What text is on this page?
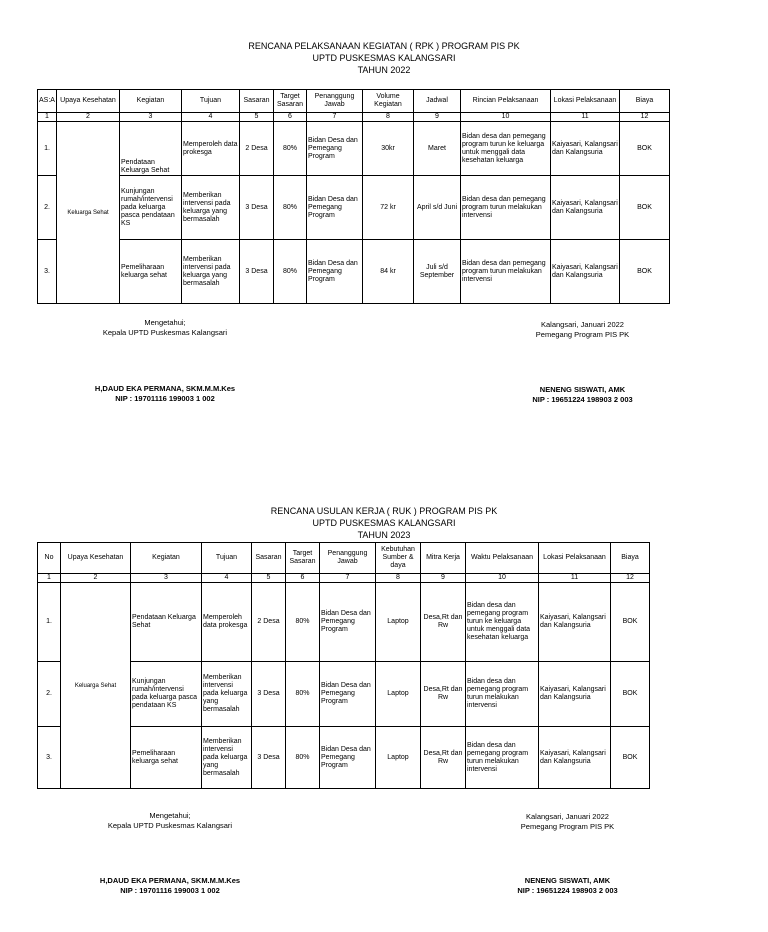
RENCANA PELAKSANAAN KEGIATAN ( RPK ) PROGRAM PIS PK
UPTD PUSKESMAS KALANGSARI
TAHUN 2022
AS:A	Upaya Kesehatan	Kegiatan	Tujuan	Sasaran	Target Sasaran	Penanggung Jawab	Volume Kegiatan	Jadwal	Rincian Pelaksanaan	Lokasi Pelaksanaan	Biaya
1	2	3	4	5	6	7	8	9	10	11	12
1.	Keluarga Sehat	Pendataan Keluarga Sehat	Memperoleh data prokesga	2 Desa	80%	Bidan Desa dan Pemegang Program	30kr	Maret	Bidan desa dan pemegang program turun ke keluarga untuk menggali data kesehatan keluarga	Kaiyasari, Kalangsari dan Kalangsuria	BOK
2.		Kunjungan rumah/intervensi pada keluarga pasca pendataan KS	Memberikan intervensi pada keluarga yang bermasalah	3 Desa	80%	Bidan Desa dan Pemegang Program	72 kr	April s/d Juni	Bidan desa dan pemegang program turun melakukan intervensi	Kaiyasari, Kalangsari dan Kalangsuria	BOK
3.		Pemeliharaan keluarga sehat	Memberikan intervensi pada keluarga yang bermasalah	3 Desa	80%	Bidan Desa dan Pemegang Program	84 kr	Juli s/d September	Bidan desa dan pemegang program turun melakukan intervensi	Kaiyasari, Kalangsari dan Kalangsuria	BOK
Mengetahui;
Kepala UPTD Puskesmas Kalangsari
H,DAUD EKA PERMANA, SKM.M.M.Kes
NIP : 19701116 199003 1 002
Kalangsari, Januari 2022
Pemegang Program PIS PK
NENENG SISWATI, AMK
NIP : 19651224 198903 2 003
RENCANA USULAN KERJA ( RUK ) PROGRAM PIS PK
UPTD PUSKESMAS KALANGSARI
TAHUN 2023
No	Upaya Kesehatan	Kegiatan	Tujuan	Sasaran	Target Sasaran	Penanggung Jawab	Kebutuhan Sumber & daya	Mitra Kerja	Waktu Pelaksanaan	Lokasi Pelaksanaan	Biaya
1	2	3	4	5	6	7	8	9	10	11	12
1.	Keluarga Sehat	Pendataan Keluarga Sehat	Memperoleh data prokesga	2 Desa	80%	Bidan Desa dan Pemegang Program	Laptop	Desa,Rt dan Rw	Bidan desa dan pemegang program turun ke keluarga untuk menggali data kesehatan keluarga	Kaiyasari, Kalangsari dan Kalangsuria	BOK
2.		Kunjungan rumah/intervensi pada keluarga pasca pendataan KS	Memberikan intervensi pada keluarga yang bermasalah	3 Desa	80%	Bidan Desa dan Pemegang Program	Laptop	Desa,Rt dan Rw	Bidan desa dan pemegang program turun melakukan intervensi	Kaiyasari, Kalangsari dan Kalangsuria	BOK
3.		Pemeliharaan keluarga sehat	Memberikan intervensi pada keluarga yang bermasalah	3 Desa	80%	Bidan Desa dan Pemegang Program	Laptop	Desa,Rt dan Rw	Bidan desa dan pemegang program turun melakukan intervensi	Kaiyasari, Kalangsari dan Kalangsuria	BOK
Mengetahui;
Kepala UPTD Puskesmas Kalangsari
H,DAUD EKA PERMANA, SKM.M.M.Kes
NIP : 19701116 199003 1 002
Kalangsari, Januari 2022
Pemegang Program PIS PK
NENENG SISWATI, AMK
NIP : 19651224 198903 2 003
